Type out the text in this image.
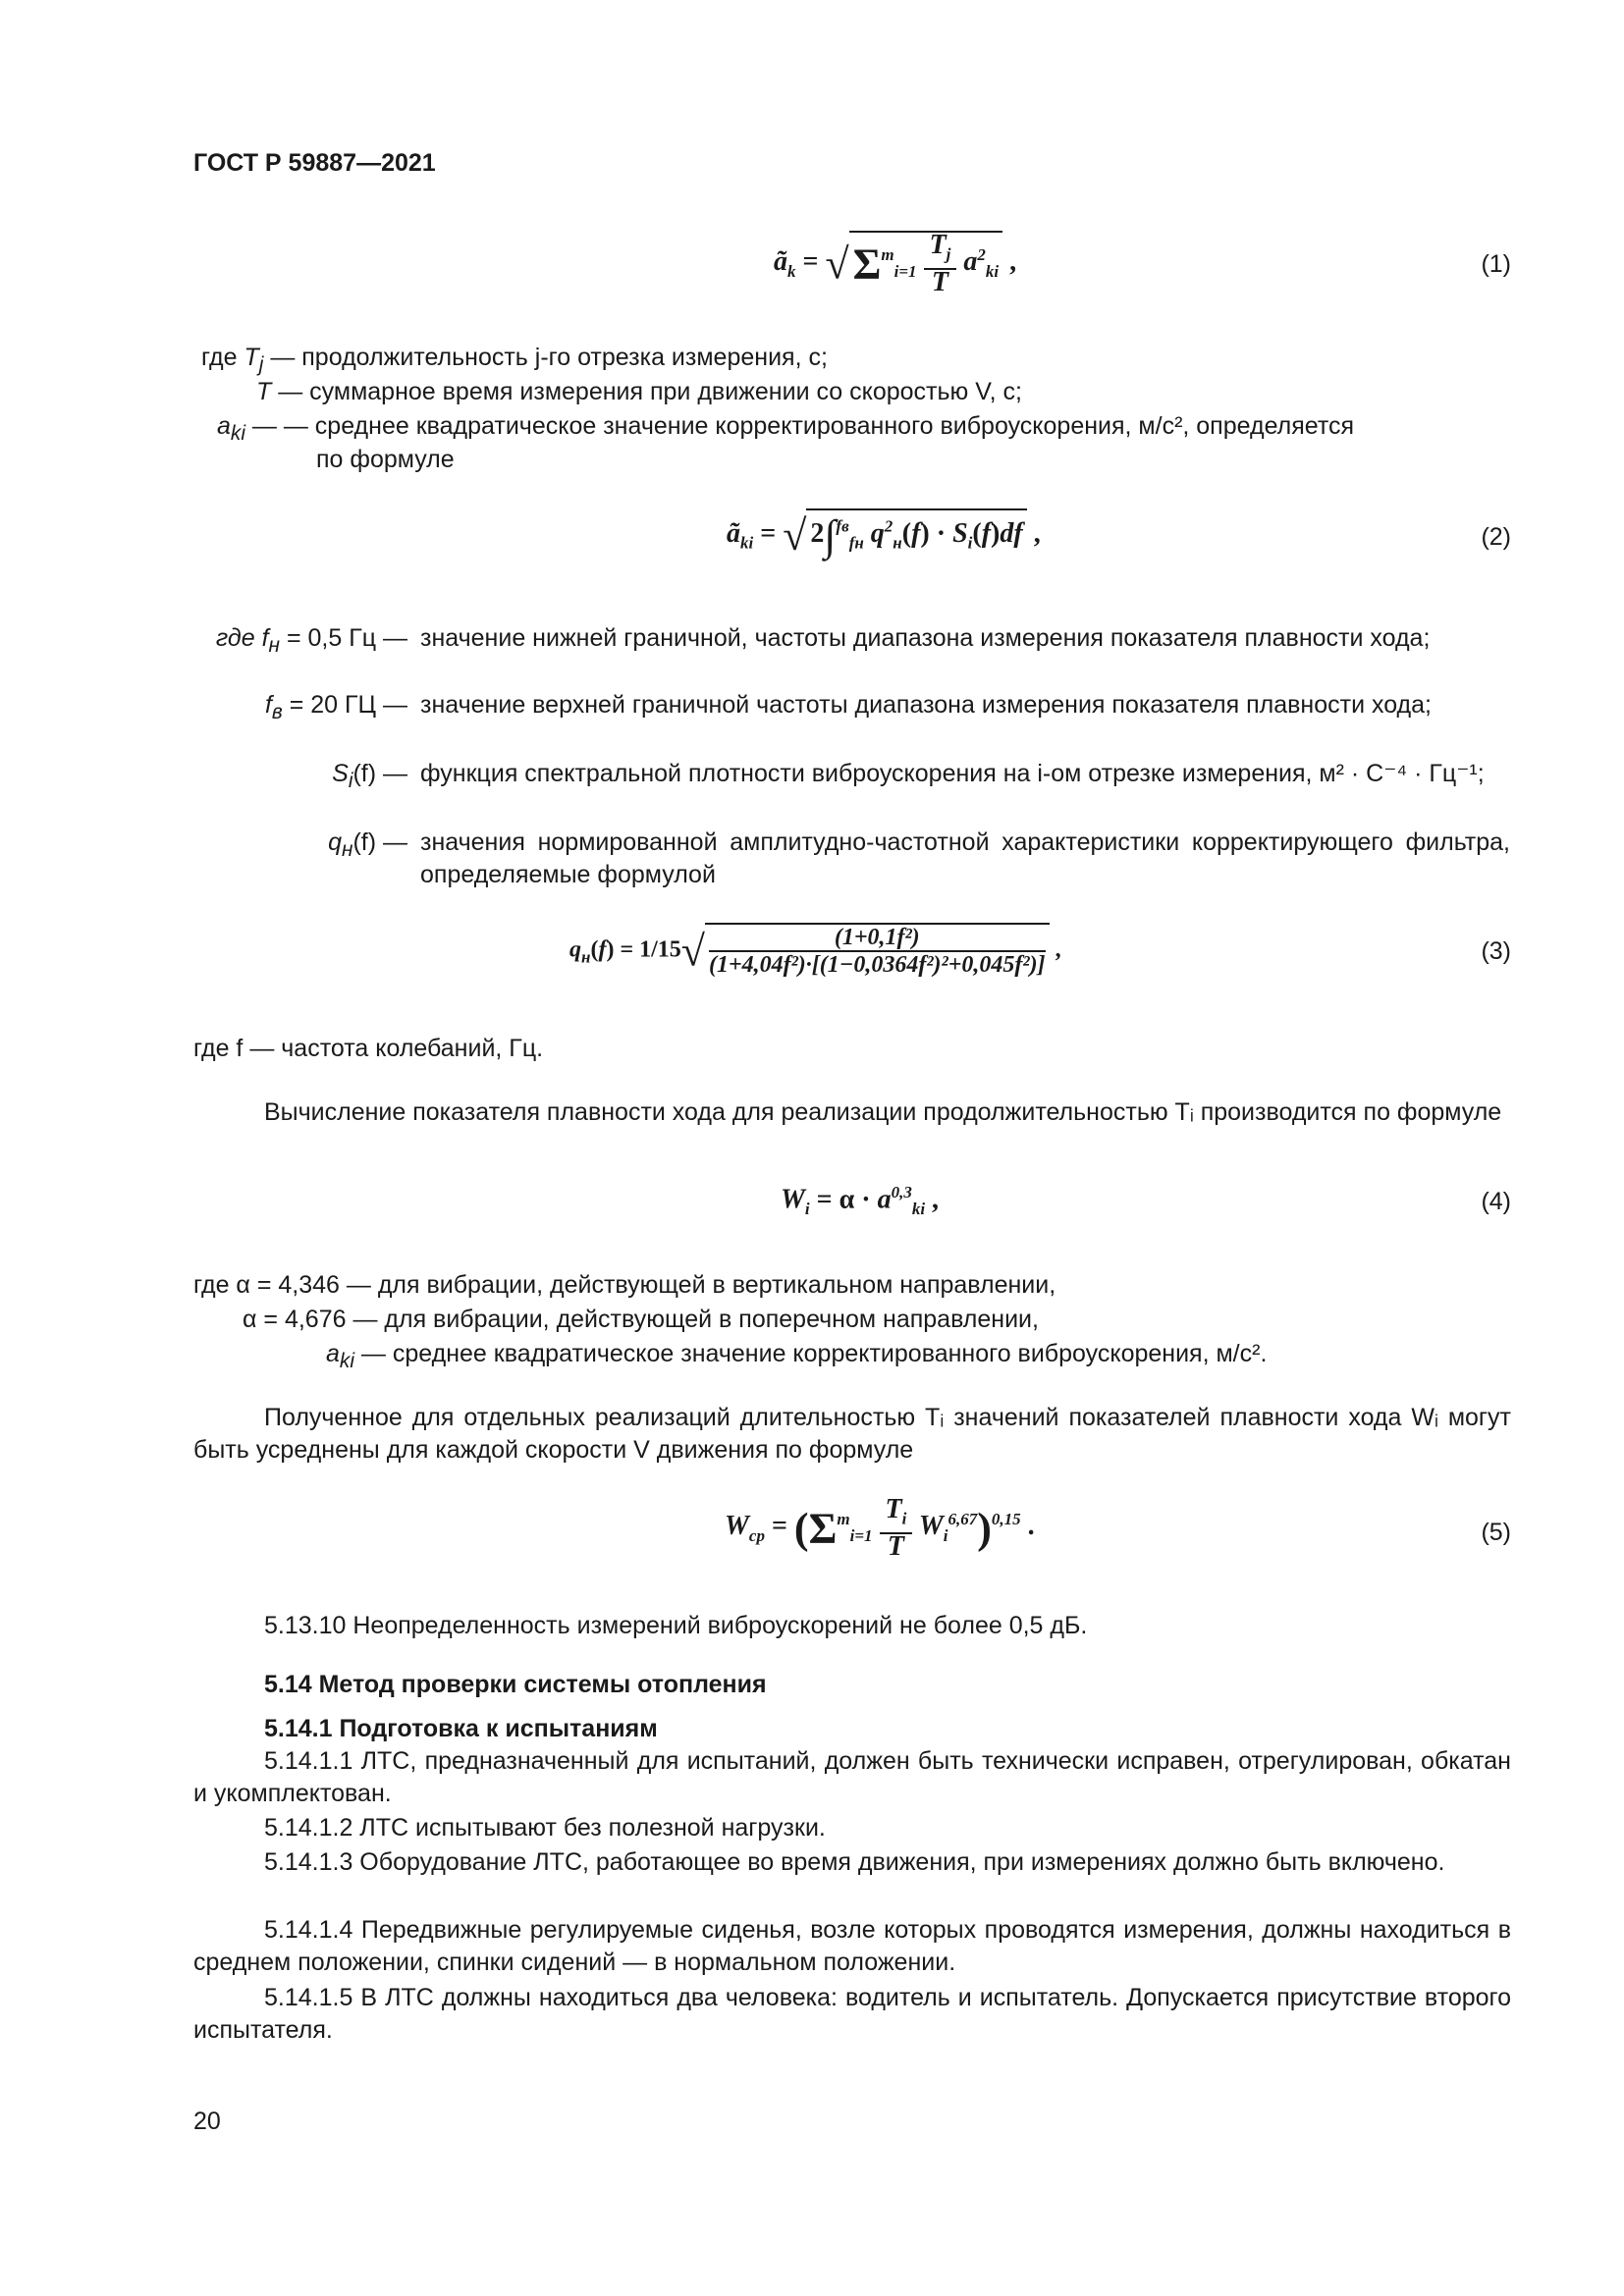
ГОСТ Р 59887—2021
$ã_k = √\Sigma^m_{i=1} \frac{T_j}{T} a^2_{ki}$ ,	(1)
где $T_j$ — продолжительность j-го отрезка измерения, с;
T — суммарное время измерения при движении со скоростью V, с;
$a_{ki}$ — — среднее квадратическое значение корректированного виброускорения, м/с², определяется
по формуле
$ã_{ki}$ = √ 2∫$^{fв}_{fн}$ $q^2_н(f) \cdot S_i(f)df$ ,	(2)
где $f_н = 0,5$ Гц — значение нижней граничной, частоты диапазона измерения показателя плавности хода;
$f_в = 20$ ГЦ — значение верхней граничной частоты диапазона измерения показателя плавности хода;
$S_i(f)$ — функция спектральной плотности виброускорения на i-ом отрезке измерения, м² · С⁻⁴ · Гц⁻¹;
$q_н(f)$ — значения нормированной амплитудно-частотной характеристики корректирующего фильтра, определяемые формулой
$q_н(f) = 1/15√ \frac{\text{(1+0,1f²)}}{\text{(1+4,04f²)·[(1−0,0364f²)²+0,045f²)]}}$ ,	(3)
где f — частота колебаний, Гц.
Вычисление показателя плавности хода для реализации продолжительностью Tᵢ производится по формуле
$W_i = \alpha \cdot a^{0,3}_{ki}$ ,	(4)
где α = 4,346 — для вибрации, действующей в вертикальном направлении,
α = 4,676 — для вибрации, действующей в поперечном направлении,
$a_{ki}$ — среднее квадратическое значение корректированного виброускорения, м/с².
Полученное для отдельных реализаций длительностью Tᵢ значений показателей плавности хода Wᵢ могут быть усреднены для каждой скорости V движения по формуле
$W_{ср} = (\Sigma^m_{i=1} \frac{T_i}{T} W_i^{6,67})^{0,15}$ .	(5)
5.13.10 Неопределенность измерений виброускорений не более 0,5 дБ.
5.14 Метод проверки системы отопления
5.14.1 Подготовка к испытаниям
5.14.1.1 ЛТС, предназначенный для испытаний, должен быть технически исправен, отрегулирован, обкатан и укомплектован.
5.14.1.2 ЛТС испытывают без полезной нагрузки.
5.14.1.3 Оборудование ЛТС, работающее во время движения, при измерениях должно быть включено.
5.14.1.4 Передвижные регулируемые сиденья, возле которых проводятся измерения, должны находиться в среднем положении, спинки сидений — в нормальном положении.
5.14.1.5 В ЛТС должны находиться два человека: водитель и испытатель. Допускается присутствие второго испытателя.
20
